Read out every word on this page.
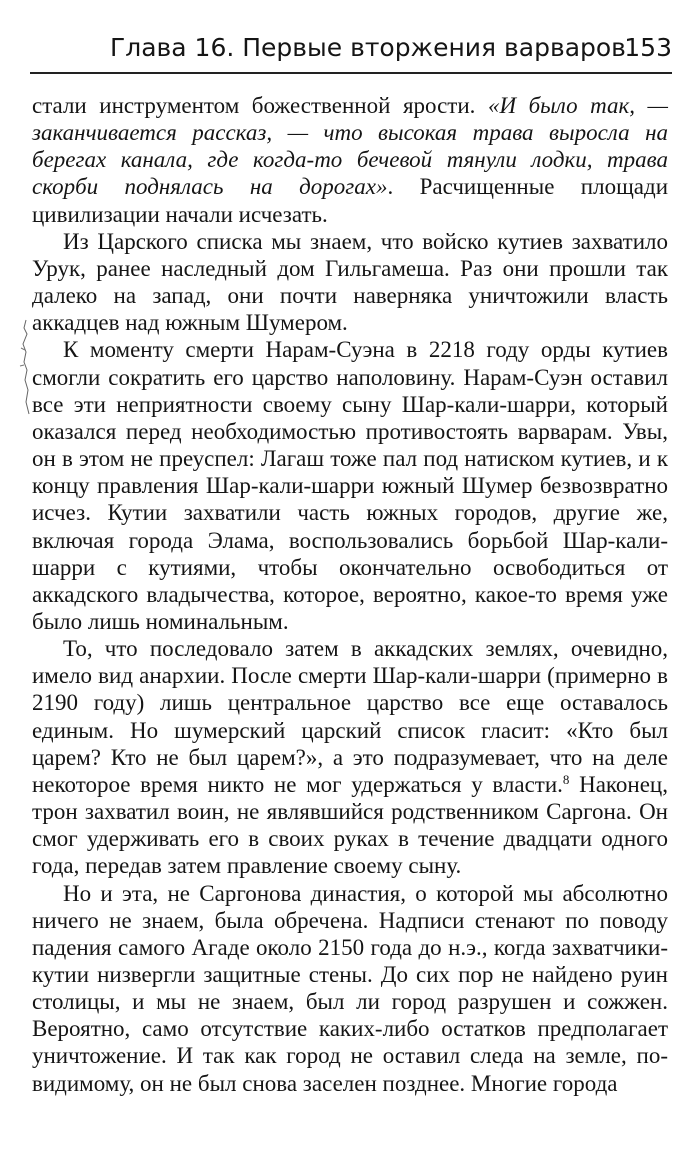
Глава 16. Первые вторжения варваров
153

стали инструментом божественной ярости. «И было так, — заканчивается рассказ, — что высокая трава выросла на берегах канала, где когда-то бечевой тянули лодки, трава скорби поднялась на дорогах». Расчищенные площади цивилизации начали исчезать.

Из Царского списка мы знаем, что войско кутиев захватило Урук, ранее наследный дом Гильгамеша. Раз они прошли так далеко на запад, они почти наверняка уничтожили власть аккадцев над южным Шумером.

К моменту смерти Нарам-Суэна в 2218 году орды кутиев смогли сократить его царство наполовину. Нарам-Суэн оставил все эти неприятности своему сыну Шар-кали-шарри, который оказался перед необходимостью противостоять варварам. Увы, он в этом не преуспел: Лагаш тоже пал под натиском кутиев, и к концу правления Шар-кали-шарри южный Шумер безвозвратно исчез. Кутии захватили часть южных городов, другие же, включая города Элама, воспользовались борьбой Шар-кали-шарри с кутиями, чтобы окончательно освободиться от аккадского владычества, которое, вероятно, какое-то время уже было лишь номинальным.

То, что последовало затем в аккадских землях, очевидно, имело вид анархии. После смерти Шар-кали-шарри (примерно в 2190 году) лишь центральное царство все еще оставалось единым. Но шумерский царский список гласит: «Кто был царем? Кто не был царем?», а это подразумевает, что на деле некоторое время никто не мог удержаться у власти.$^8$ Наконец, трон захватил воин, не являвшийся родственником Саргона. Он смог удерживать его в своих руках в течение двадцати одного года, передав затем правление своему сыну.

Но и эта, не Саргонова династия, о которой мы абсолютно ничего не знаем, была обречена. Надписи стенают по поводу падения самого Агаде около 2150 года до н.э., когда захватчики-кутии низвергли защитные стены. До сих пор не найдено руин столицы, и мы не знаем, был ли город разрушен и сожжен. Вероятно, само отсутствие каких-либо остатков предполагает уничтожение. И так как город не оставил следа на земле, по-видимому, он не был снова заселен позднее. Многие города
